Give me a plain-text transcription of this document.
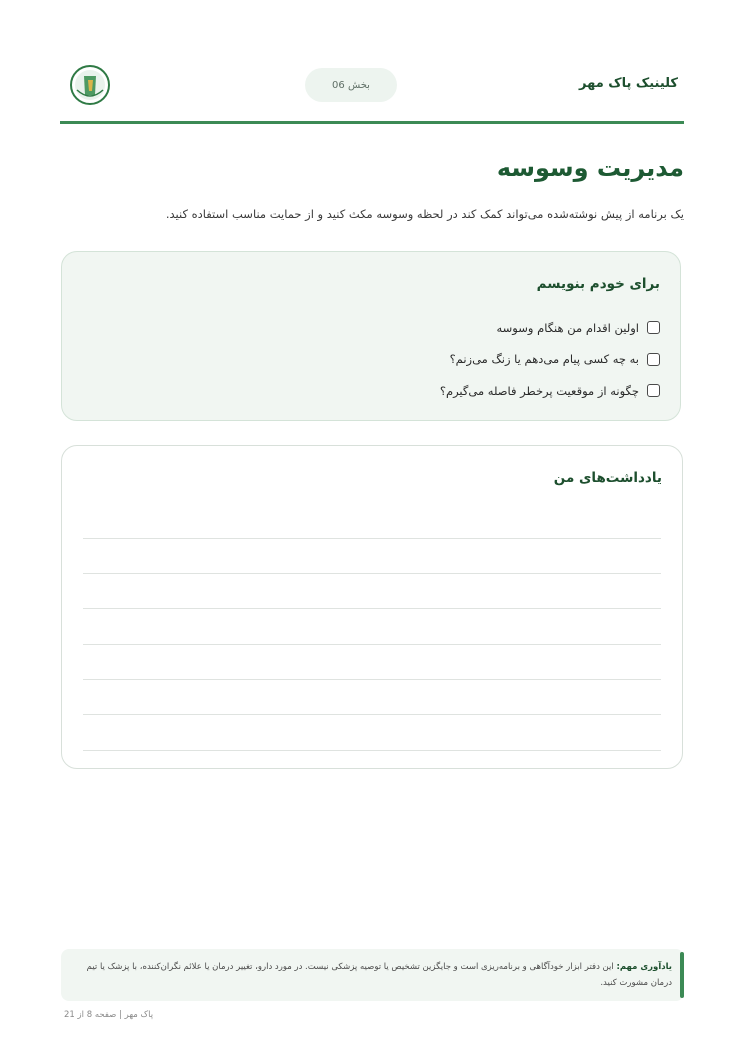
بخش 06	کلینیک پاک مهر
مدیریت وسوسه
یک برنامه از پیش نوشته‌شده می‌تواند کمک کند در لحظه وسوسه مکث کنید و از حمایت مناسب استفاده کنید.
برای خودم بنویسم
اولین اقدام من هنگام وسوسه
به چه کسی پیام می‌دهم یا زنگ می‌زنم؟
چگونه از موقعیت پرخطر فاصله می‌گیرم؟
یادداشت‌های من
یادآوری مهم: این دفتر ابزار خودآگاهی و برنامه‌ریزی است و جایگزین تشخیص یا توصیه پزشکی نیست. در مورد دارو، تغییر درمان یا علائم نگران‌کننده، با پزشک یا تیم درمان مشورت کنید.
پاک مهر | صفحه 8 از 21
